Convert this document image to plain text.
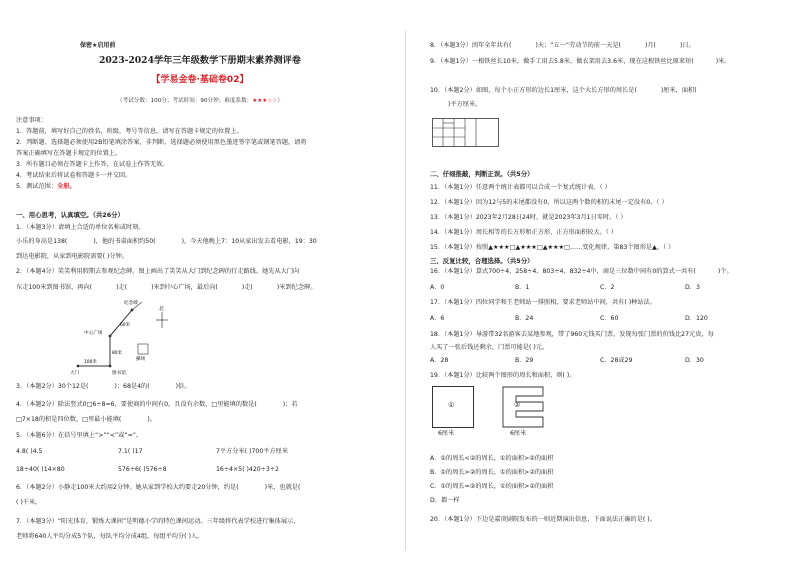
保密★启用前
2023-2024学年三年级数学下册期末素养测评卷
【学易金卷·基础卷02】
（考试分数：100分；考试时间：90分钟；难度系数：★★★☆☆）
注意事项：
1．答题前，填写好自己的姓名、班级、考号等信息，请写在答题卡规定的位置上。
2．判断题、选择题必须使用2B铅笔填涂答案，非判断、选择题必须使用黑色墨迹签字笔或钢笔答题，请将
答案正确填写在答题卡规定的位置上。
3．所有题目必须在答题卡上作答，在试卷上作答无效。
4．考试结束后将试卷和答题卡一并交回。
5．测试范围：全册。
一、用心思考，认真填空。（共26分）
1．（本题3分）请填上合适的单位名称或时刻。
小乐的身高是138(	)，他的书桌面积约50(	)，今天他晚上7：10从家出发去看电影，19：30
到达电影院，从家到电影院需要( )分钟。
2．（本题4分）笑笑利用假期去参观纪念碑。图上画出了笑笑从大门到纪念碑的行走路线。她先从大门向
东走100米到图书馆，再向(	)走(	)米到中心广场，最后向(	)走(	)米到纪念碑。
北
纪念碑
中心广场
图书馆
大门
操场
100米
80米
60米
3．（本题2分）30个12是(	)；68是4的(	)倍。
4．（本题2分）除法竖式0□6÷8=6，要使商的中间有0，且没有余数，□里能填的数是(	)；若
□7×18的积是四位数，□里最小能填(	)。
5．（本题6分）在括号里填上“>”“<”或“=”。
4.8( )4.5	7.1( )17	7平方分米( )700平方厘米
18÷40( )14×80	576÷6( )576÷8	16÷4×5( )420÷3÷2
6．（本题2分）小静走100米大约用2分钟。她从家到学校大约要走20分钟，约是(	)米，也就是(
( )千米。
7．（本题3分）“阳光体育，锻炼大课间”是明德小学的特色课间运动。三年级将代表学校进行集体展示，
老师将640人平均分成5个队，每队平均分成4组，每组平均分( )人。
8．（本题3分）闰年全年共有(	)天；“五一”劳动节的前一天是(	)月(	)日。
9．（本题1分）一根铁丝长10米，做手工用去5.8米，做衣架用去3.6米，现在这根铁丝比原来短(	)米。
10．（本题2分）如图，每个小正方形的边长1厘米，这个大长方形的周长是(	)厘米，面积(
)平方厘米。
二、仔细推敲，判断正误。（共5分）
11．（本题1分）任意两个统计表都可以合成一个复式统计表。（ ）
12．（本题1分）因为12与5的末尾都没有0，所以这两个数的积的末尾一定没有0。（ ）
13．（本题1分）2023年2月28日24时，就是2023年3月1日零时。（ ）
14．（本题1分）周长相等的长方形和正方形，正方形面积较大。（ ）
15．（本题1分）按照▲★★★□▲★★★□▲★★★□……变化规律，第83个图形是▲。（ ）
三、反复比较，合理选择。（共5分）
16．（本题1分）算式700÷4、258÷4、803÷4、832÷4中，商是三位数中间有0的算式一共有(	)个。
A．0	B．1	C．2	D．3
17．（本题1分）四位同学和王老师站一排照相，要求老师站中间，共有( )种站法。
A．6	B．24	C．60	D．120
18．（本题1分）导游带32名游客去某地参观，带了960元钱买门票，发现每张门票的价钱比27元贵，每
人买了一张后钱还剩余，门票可能是( )元。
A．28	B．29	C．28或29	D．30
19．（本题1分）比较两个图形的周长和面积，则( )。
①
6厘米
②
6厘米
A．①的周长<②的周长，①的面积>②的面积
B．①的周长>②的周长，①的面积>②的面积
C．①的周长=②的周长，①的面积>②的面积
D．都一样
20．（本题1分）下边是嘉庚剧院发布的一则近期演出信息，下面说法正确的是( )。
